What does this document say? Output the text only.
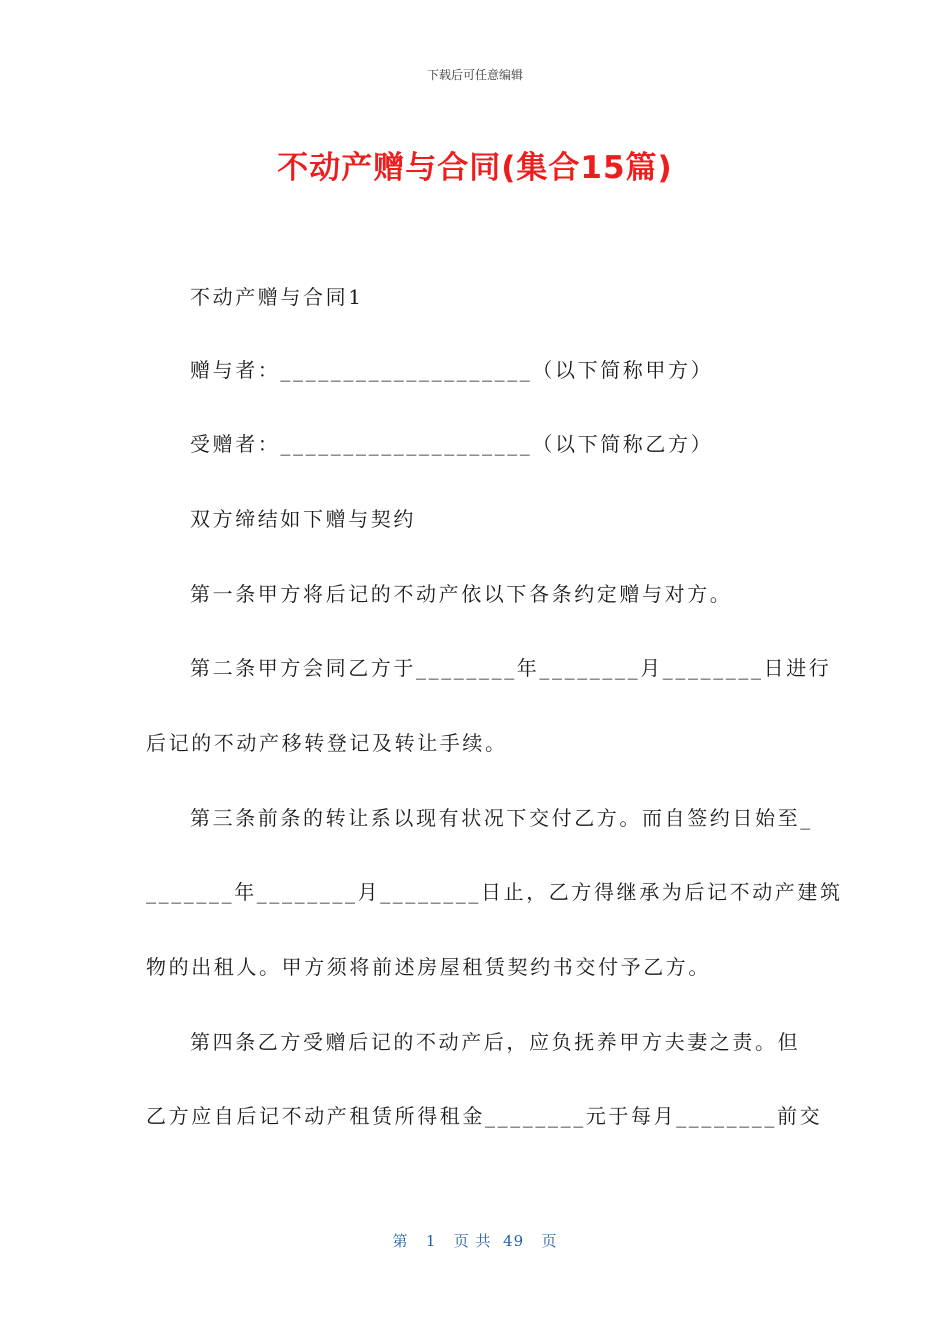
下载后可任意编辑
不动产赠与合同(集合15篇)
不动产赠与合同1
赠与者：____________________（以下简称甲方）
受赠者：____________________（以下简称乙方）
双方缔结如下赠与契约
第一条甲方将后记的不动产依以下各条约定赠与对方。
第二条甲方会同乙方于________年________月________日进行
后记的不动产移转登记及转让手续。
第三条前条的转让系以现有状况下交付乙方。而自签约日始至_
_______年________月________日止，乙方得继承为后记不动产建筑
物的出租人。甲方须将前述房屋租赁契约书交付予乙方。
第四条乙方受赠后记的不动产后，应负抚养甲方夫妻之责。但
乙方应自后记不动产租赁所得租金________元于每月________前交
第 1 页 共 49 页
